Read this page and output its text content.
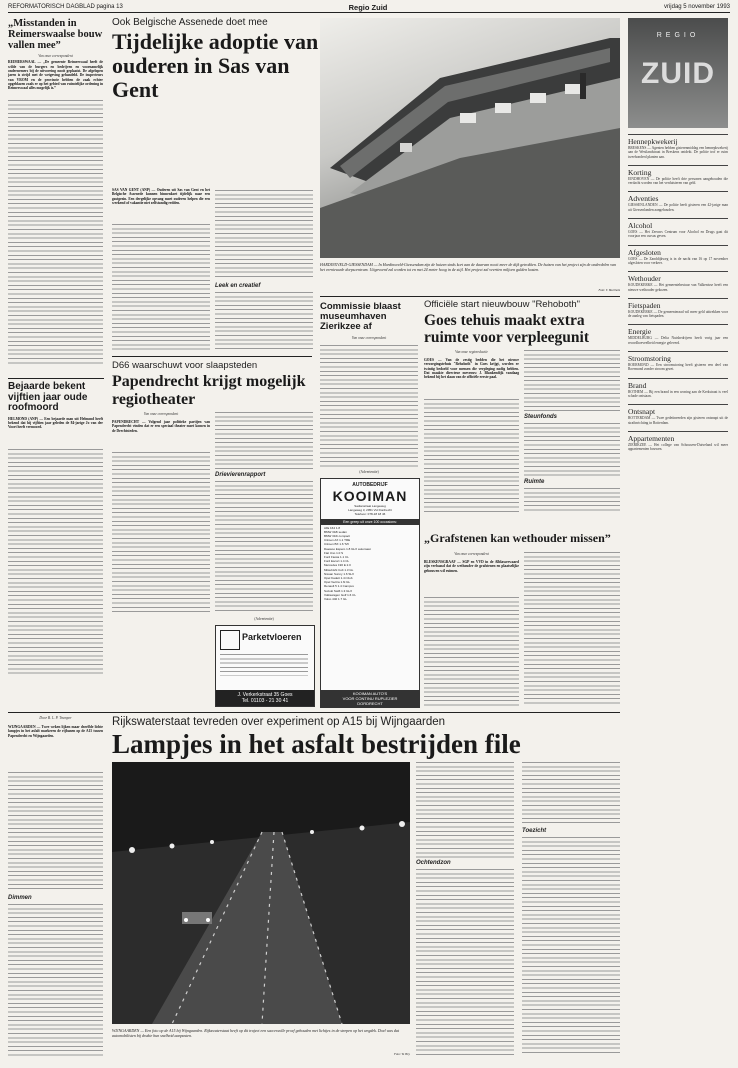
REFORMATORISCH DAGBLAD pagina 13	Regio Zuid	vrijdag 5 november 1993
„Misstanden in Reimerswaalse bouw vallen mee”
Van onze correspondent
REIMERSWAAL — „De gemeente Reimerswaal heeft de wilde van de burgers en bedrijven en voornamelijk ondernemers bij de uitvoering nooit geplaatst. De afgelopen jaren is strijd met de wetgeving gehandeld. De inspecteurs van VROM en de provincie hebben de zaak echter opgeblazen zoals er op het gebied van ruimtelijke ordening in Reimerswaal alles mogelijk is.”
Bejaarde bekent vijftien jaar oude roofmoord
HELMOND (ANP) — Een bejaarde man uit Helmond heeft bekend dat hij vijftien jaar geleden de 84-jarige Jo van der Voort heeft vermoord.
Ook Belgische Assenede doet mee
Tijdelijke adoptie van ouderen in Sas van Gent
SAS VAN GENT (ANP) — Ouderen uit Sas van Gent en het Belgische Assenede kunnen binnenkort tijdelijk naar een gastgezin. Een dergelijke opvang moet ouderen helpen die een weekend of vakantie niet zelfstandig redden.
Leek en creatief
HARDINXVELD-GIESSENDAM — In Hardinxveld-Giessendam zijn de huizen sinds kort aan de daarvan nooit meer de dijk getrokken. De huizen van het project zijn de onderdelen van het vernieuwde dorpscentrum. Uitgevoerd zal worden tot en met 24 meter hoog in de stijl. Het project zal veertien miljoen gulden kosten.
Foto: T. Buchholz
Commissie blaast museumhaven Zierikzee af
Van onze correspondent
Officiële start nieuwbouw "Rehoboth"
Goes tehuis maakt extra ruimte voor verpleegunit
Van onze regioredactie
GOES — Van de zestig bedden die het nieuwe verzorgingstehuis "Rehoboth" in Goes krijgt, worden er twintig bedoeld voor mensen die verpleging nodig hebben. Dat maakte directeur mevrouw J. Blankendijk vandaag bekend bij het slaan van de officiële eerste paal.
Steunfonds
Ruimte
D66 waarschuwt voor slaapsteden
Papendrecht krijgt mogelijk regiotheater
Van onze correspondent
PAPENDRECHT — Volgend jaar politieke partijen van Papendrecht vinden dat er een speciaal theater moet komen in de Drechtsteden.
Drievierenrapport	(Advertentie)
AUTOBEDRIJF
KOOIMAN
Sadianstraat Langeweg
Langeweg 3, 2951 VH Dordrecht
Telefoon: 078-18 18 46
Een greep uit onze 100 occasions:
Alfa 164 1.8
BMW 318i sedan
BMW 316i compact
Citroen AX 1.1 TRE
Citroen BX 1.6 TZI
Daewoo Espero 1.8 GLX automaat
Fiat Uno 1.0 S
Ford Fiesta 1.1 CL
Ford Escort 1.4 CL
Mercedes 190 E 2.0
Mitsubishi Colt 1.3 GL
Nissan Sunny 1.6 SLX
Opel Kadett 1.4i Club
Opel Vectra 1.6i GL
Renault 5 1.4 Campus
Suzuki Swift 1.3 GLX
Volkswagen Golf 1.6 CL
Volvo 440 1.7 GL
KOOIMAN AUTO'S
VOOR CONTINU RUPLEZIER
DORDRECHT
(Advertentie)
Parketvloeren
J. Verkerkstraat 35 Goes
Tel. 01103 - 21 30 41
„Grafstenen kan wethouder missen”
Van onze correspondent
BLESKENSGRAAF — SGP en VVD in de Alblasserwaard zijn verbaasd dat de wethouder de grafstenen en plaatselijke gebouwen wil ruimen.
REGIO
ZUID
Hennepkwekerij
BRESKENS — Agenten hebben gisterenmiddag een hennepkwekerij aan de Westlandstraat in Breskens ontdekt. De politie trof er ruim tweehonderd planten aan.
Korting
EINDHOVEN — De politie heeft drie personen aangehouden die verdacht worden van het verduisteren van geld.
Adventies
GIESSENLANDEN — De politie heeft gisteren een 42-jarige man uit Giessenlanden aangehouden.
Alcohol
GOES — Het Zeeuws Centrum voor Alcohol en Drugs gaat dit voorjaar een cursus geven.
Afgesloten
GOES — De Zanddijkweg is in de nacht van 16 op 17 november afgesloten voor verkeer.
Wethouder
KOUDEKERKE — Het gemeentebestuur van Valkenisse heeft een nieuwe wethouder gekozen.
Fietspaden
KOUDEKERKE — De gemeenteraad wil meer geld uittrekken voor de aanleg van fietspaden.
Energie
MIDDELBURG — Delta Nutsbedrijven heeft vorig jaar een recordhoeveelheid energie geleverd.
Stroomstoring
ROERMOND — Een stroomstoring heeft gisteren een deel van Roermond zonder stroom gezet.
Brand
ROTHEM — Bij een brand in een woning aan de Kerkstraat is veel schade ontstaan.
Ontsnapt
ROTTERDAM — Twee gedetineerden zijn gisteren ontsnapt uit de strafinrichting in Rotterdam.
Appartementen
ZIERIKZEE — Het college van Schouwen-Duiveland wil meer appartementen bouwen.
Door B. L. P. Trumper
WIJNGAARDEN — Twee weken lijken maar dezelfde lichte lampjes in het asfalt markeren de rijbanen op de A15 tussen Papendrecht en Wijngaarden.
Dimmen
Rijkswaterstaat tevreden over experiment op A15 bij Wijngaarden
Lampjes in het asfalt bestrijden file
WIJNGAARDEN — Een foto op de A15 bij Wijngaarden. Rijkswaterstaat heeft op dit traject een succesvolle proef gehouden met lichtjes in de strepen op het wegdek. Doel was dat automobilisten bij drukte hun snelheid aanpasten.
Foto: W. Hey
Ochtendzon
Toezicht
